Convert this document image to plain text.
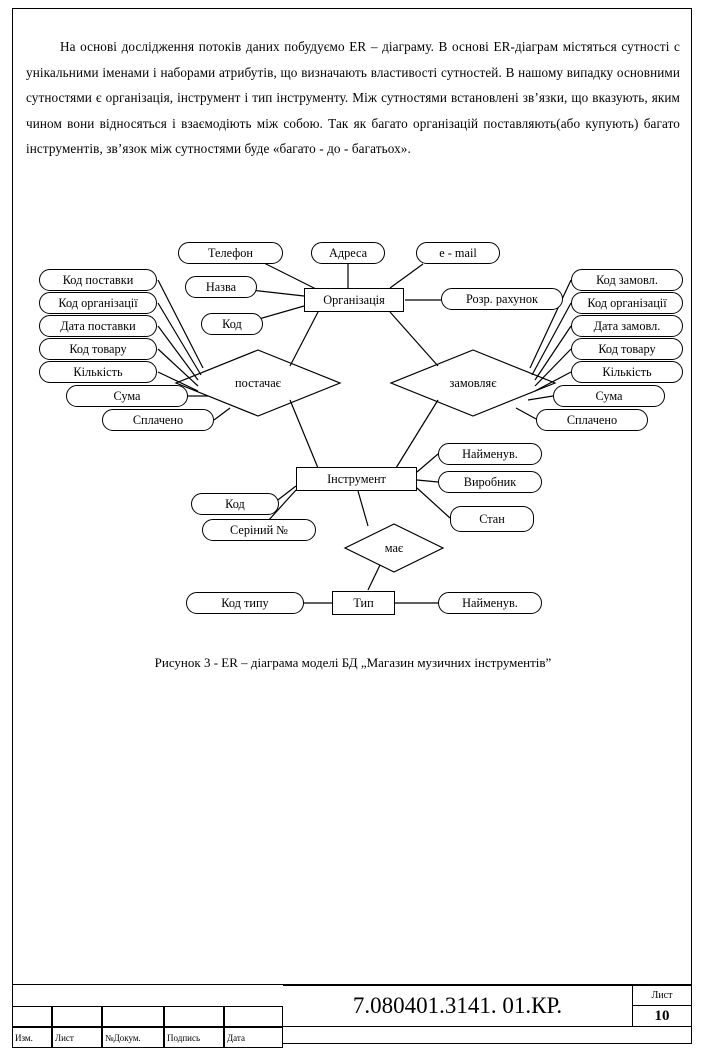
На основі дослідження потоків даних побудуємо ER – діаграму. В основі ER-діаграм містяться сутності с унікальними іменами і наборами атрибутів, що визначають властивості сутностей. В нашому випадку основними сутностями є організація, інструмент і тип інструменту. Між сутностями встановлені зв’язки, що вказують, яким чином вони відносяться і взаємодіють між собою. Так як багато організацій поставляють(або купують) багато інструментів, зв’язок між сутностями буде «багато - до - багатьох».
Організація
Інструмент
Тип
постачає	замовляє
має
Телефон	Адреса	e - mail
Назва
Розр. рахунок
Код
Код поставки
Код організації
Дата поставки
Код товару
Кількість
Сума
Сплачено
Код замовл.
Код організації
Дата замовл.
Код товару
Кількість
Сума
Сплачено
Найменув.
Виробник
Стан
Код
Серіний №
Код типу	Найменув.
Рисунок 3 - ER – діаграма моделі БД „Магазин музичних інструментів”
Изм.	Лист	№Докум.	Подпись	Дата
7.080401.3141. 01.КР.	Лист
10
